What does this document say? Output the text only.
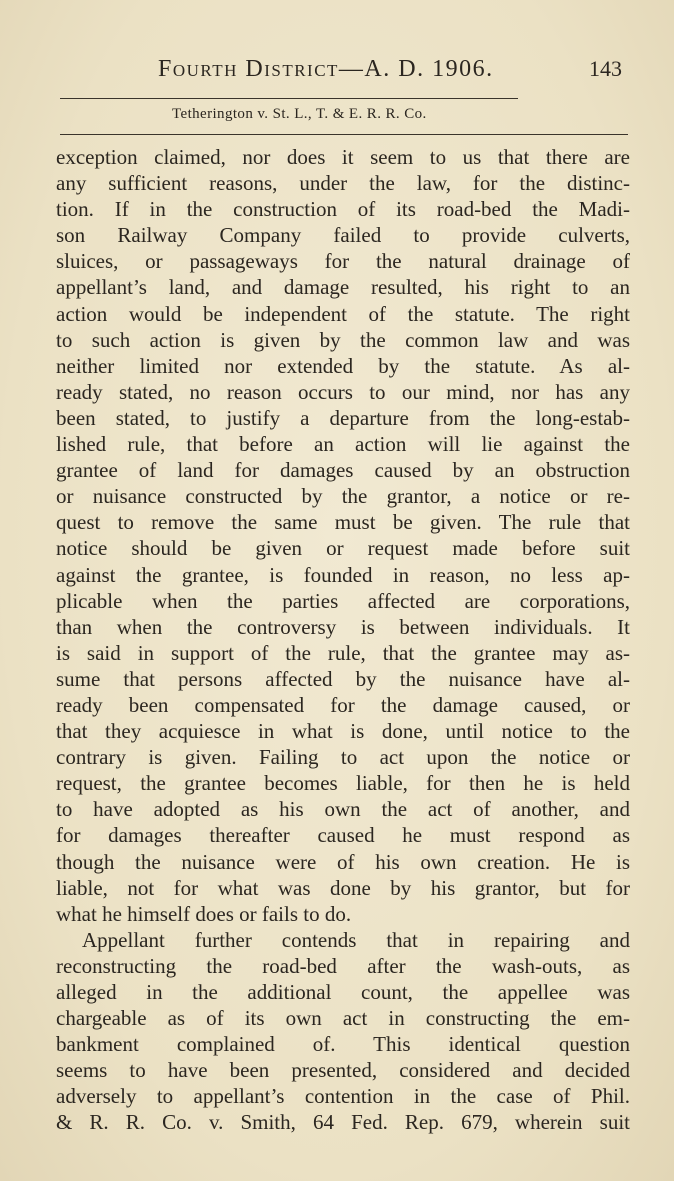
Fourth District—A. D. 1906.	143
Tetherington v. St. L., T. & E. R. R. Co.
exception claimed, nor does it seem to us that there are
any sufficient reasons, under the law, for the distinc-
tion. If in the construction of its road-bed the Madi-
son Railway Company failed to provide culverts,
sluices, or passageways for the natural drainage of
appellant’s land, and damage resulted, his right to an
action would be independent of the statute. The right
to such action is given by the common law and was
neither limited nor extended by the statute. As al-
ready stated, no reason occurs to our mind, nor has any
been stated, to justify a departure from the long-estab-
lished rule, that before an action will lie against the
grantee of land for damages caused by an obstruction
or nuisance constructed by the grantor, a notice or re-
quest to remove the same must be given. The rule that
notice should be given or request made before suit
against the grantee, is founded in reason, no less ap-
plicable when the parties affected are corporations,
than when the controversy is between individuals. It
is said in support of the rule, that the grantee may as-
sume that persons affected by the nuisance have al-
ready been compensated for the damage caused, or
that they acquiesce in what is done, until notice to the
contrary is given. Failing to act upon the notice or
request, the grantee becomes liable, for then he is held
to have adopted as his own the act of another, and
for damages thereafter caused he must respond as
though the nuisance were of his own creation. He is
liable, not for what was done by his grantor, but for
what he himself does or fails to do.
Appellant further contends that in repairing and
reconstructing the road-bed after the wash-outs, as
alleged in the additional count, the appellee was
chargeable as of its own act in constructing the em-
bankment complained of. This identical question
seems to have been presented, considered and decided
adversely to appellant’s contention in the case of Phil.
& R. R. Co. v. Smith, 64 Fed. Rep. 679, wherein suit
